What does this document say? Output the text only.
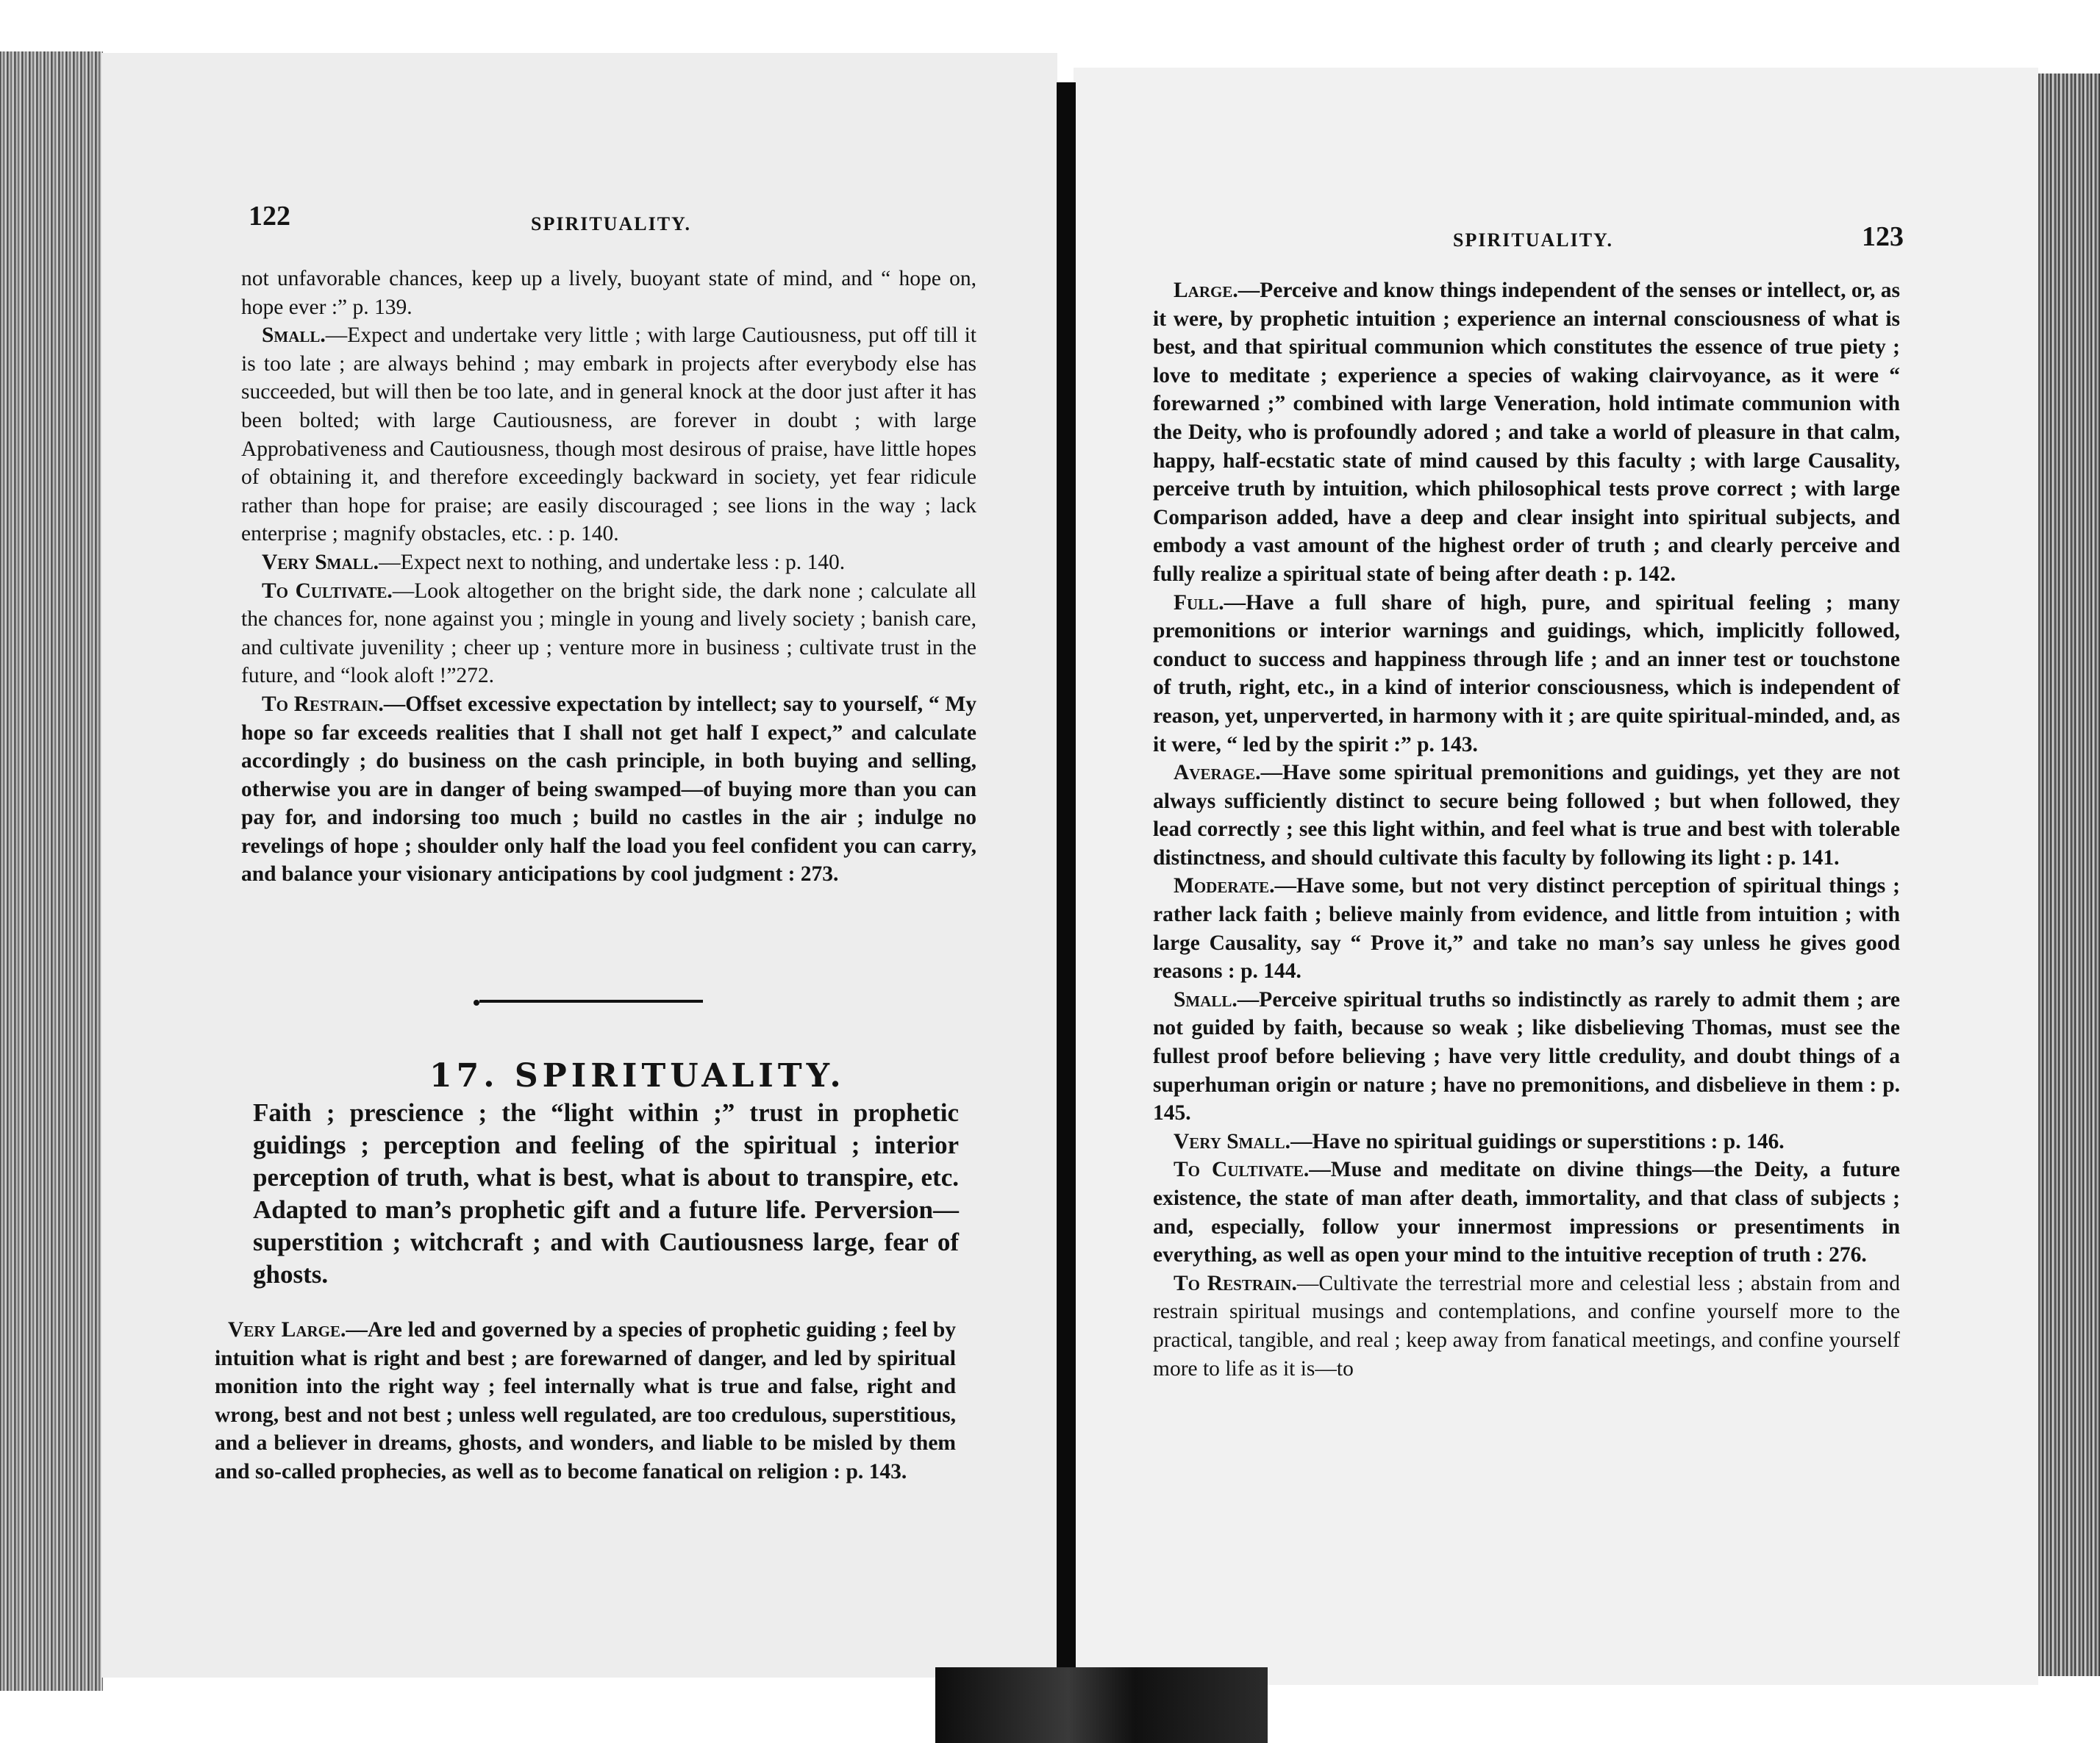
122	SPIRITUALITY.

not unfavorable chances, keep up a lively, buoyant state of mind, and “ hope on, hope ever :” p. 139.

Small.—Expect and undertake very little ; with large Cautiousness, put off till it is too late ; are always behind ; may embark in projects after everybody else has succeeded, but will then be too late, and in general knock at the door just after it has been bolted; with large Cautiousness, are forever in doubt ; with large Approbativeness and Cautiousness, though most desirous of praise, have little hopes of obtaining it, and therefore exceedingly backward in society, yet fear ridicule rather than hope for praise; are easily discouraged ; see lions in the way ; lack enterprise ; magnify obstacles, etc. : p. 140.

Very Small.—Expect next to nothing, and undertake less : p. 140.

To Cultivate.—Look altogether on the bright side, the dark none ; calculate all the chances for, none against you ; mingle in young and lively society ; banish care, and cultivate juvenility ; cheer up ; venture more in business ; cultivate trust in the future, and “look aloft !”272.

To Restrain.—Offset excessive expectation by intellect; say to yourself, “ My hope so far exceeds realities that I shall not get half I expect,” and calculate accordingly ; do business on the cash principle, in both buying and selling, otherwise you are in danger of being swamped—of buying more than you can pay for, and indorsing too much ; build no castles in the air ; indulge no revelings of hope ; shoulder only half the load you feel confident you can carry, and balance your visionary anticipations by cool judgment : 273.

17. SPIRITUALITY.

Faith ; prescience ; the “light within ;” trust in prophetic guidings ; perception and feeling of the spiritual ; interior perception of truth, what is best, what is about to transpire, etc. Adapted to man’s prophetic gift and a future life. Perversion—superstition ; witchcraft ; and with Cautiousness large, fear of ghosts.

Very Large.—Are led and governed by a species of prophetic guiding ; feel by intuition what is right and best ; are forewarned of danger, and led by spiritual monition into the right way ; feel internally what is true and false, right and wrong, best and not best ; unless well regulated, are too credulous, superstitious, and a believer in dreams, ghosts, and wonders, and liable to be misled by them and so-called prophecies, as well as to become fanatical on religion : p. 143.

SPIRITUALITY.	123

Large.—Perceive and know things independent of the senses or intellect, or, as it were, by prophetic intuition ; experience an internal consciousness of what is best, and that spiritual communion which constitutes the essence of true piety ; love to meditate ; experience a species of waking clairvoyance, as it were “ forewarned ;” combined with large Veneration, hold intimate communion with the Deity, who is profoundly adored ; and take a world of pleasure in that calm, happy, half-ecstatic state of mind caused by this faculty ; with large Causality, perceive truth by intuition, which philosophical tests prove correct ; with large Comparison added, have a deep and clear insight into spiritual subjects, and embody a vast amount of the highest order of truth ; and clearly perceive and fully realize a spiritual state of being after death : p. 142.

Full.—Have a full share of high, pure, and spiritual feeling ; many premonitions or interior warnings and guidings, which, implicitly followed, conduct to success and happiness through life ; and an inner test or touchstone of truth, right, etc., in a kind of interior consciousness, which is independent of reason, yet, unperverted, in harmony with it ; are quite spiritual-minded, and, as it were, “ led by the spirit :” p. 143.

Average.—Have some spiritual premonitions and guidings, yet they are not always sufficiently distinct to secure being followed ; but when followed, they lead correctly ; see this light within, and feel what is true and best with tolerable distinctness, and should cultivate this faculty by following its light : p. 141.

Moderate.—Have some, but not very distinct perception of spiritual things ; rather lack faith ; believe mainly from evidence, and little from intuition ; with large Causality, say “ Prove it,” and take no man’s say unless he gives good reasons : p. 144.

Small.—Perceive spiritual truths so indistinctly as rarely to admit them ; are not guided by faith, because so weak ; like disbelieving Thomas, must see the fullest proof before believing ; have very little credulity, and doubt things of a superhuman origin or nature ; have no premonitions, and disbelieve in them : p. 145.

Very Small.—Have no spiritual guidings or superstitions : p. 146.

To Cultivate.—Muse and meditate on divine things—the Deity, a future existence, the state of man after death, immortality, and that class of subjects ; and, especially, follow your innermost impressions or presentiments in everything, as well as open your mind to the intuitive reception of truth : 276.

To Restrain.—Cultivate the terrestrial more and celestial less ; abstain from and restrain spiritual musings and contemplations, and confine yourself more to the practical, tangible, and real ; keep away from fanatical meetings, and confine yourself more to life as it is—to
